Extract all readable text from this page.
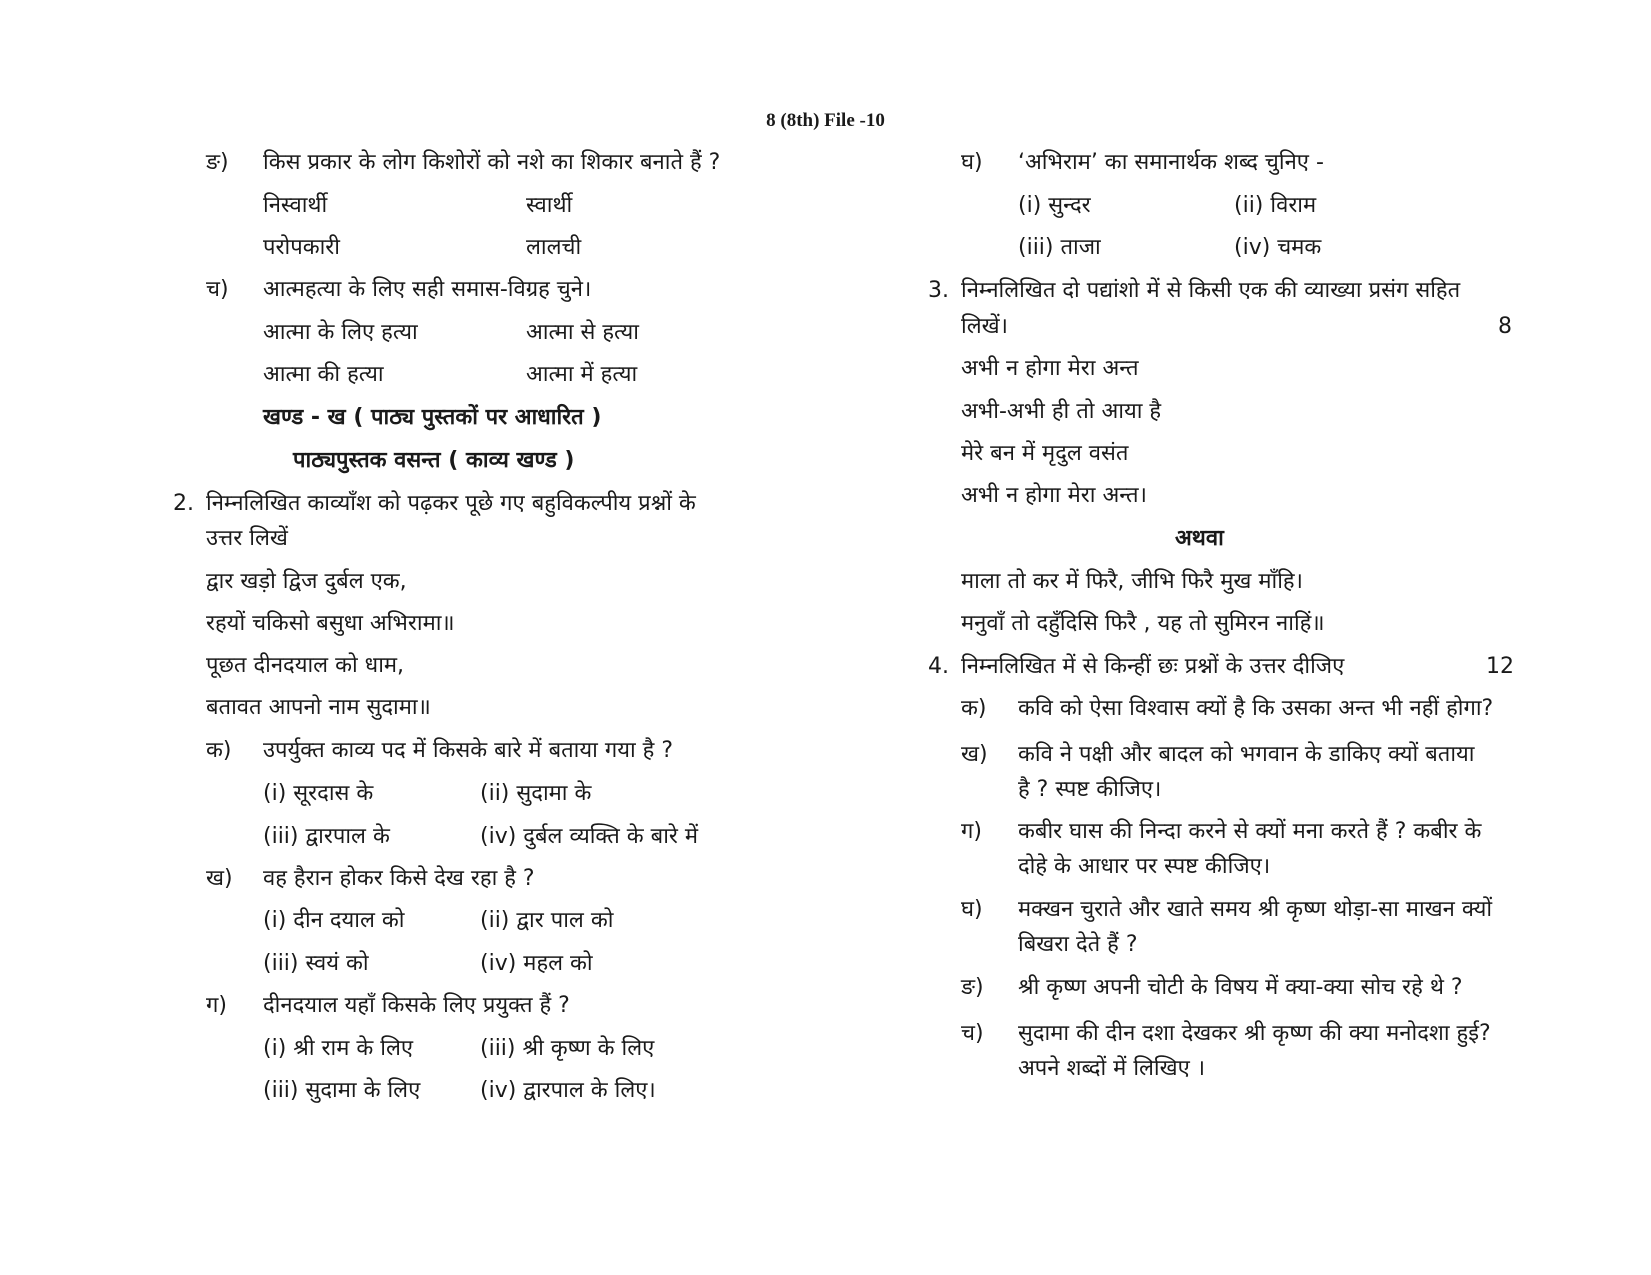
8 (8th) File -10
ङ) किस प्रकार के लोग किशोरों को नशे का शिकार बनाते हैं ?
निस्वार्थी	स्वार्थी
परोपकारी	लालची
च) आत्महत्या के लिए सही समास-विग्रह चुने।
आत्मा के लिए हत्या	आत्मा से हत्या
आत्मा की हत्या	आत्मा में हत्या
खण्ड - ख ( पाठ्य पुस्तकों पर आधारित )
पाठ्यपुस्तक वसन्त ( काव्य खण्ड )
2. निम्नलिखित काव्याँश को पढ़कर पूछे गए बहुविकल्पीय प्रश्नों के
उत्तर लिखें
द्वार खड़ो द्विज दुर्बल एक,
रहयों चकिसो बसुधा अभिरामा॥
पूछत दीनदयाल को धाम,
बतावत आपनो नाम सुदामा॥
क) उपर्युक्त काव्य पद में किसके बारे में बताया गया है ?
(i) सूरदास के	(ii) सुदामा के
(iii) द्वारपाल के	(iv) दुर्बल व्यक्ति के बारे में
ख) वह हैरान होकर किसे देख रहा है ?
(i) दीन दयाल को	(ii) द्वार पाल को
(iii) स्वयं को	(iv) महल को
ग) दीनदयाल यहाँ किसके लिए प्रयुक्त हैं ?
(i) श्री राम के लिए	(iii) श्री कृष्ण के लिए
(iii) सुदामा के लिए	(iv) द्वारपाल के लिए।
घ) ‘अभिराम’ का समानार्थक शब्द चुनिए -
(i) सुन्दर	(ii) विराम
(iii) ताजा	(iv) चमक
3. निम्नलिखित दो पद्यांशो में से किसी एक की व्याख्या प्रसंग सहित
लिखें।	8
अभी न होगा मेरा अन्त
अभी-अभी ही तो आया है
मेरे बन में मृदुल वसंत
अभी न होगा मेरा अन्त।
अथवा
माला तो कर में फिरै, जीभि फिरै मुख माँहि।
मनुवाँ तो दहुँदिसि फिरै , यह तो सुमिरन नाहिं॥
4. निम्नलिखित में से किन्हीं छः प्रश्नों के उत्तर दीजिए	12
क) कवि को ऐसा विश्वास क्यों है कि उसका अन्त भी नहीं होगा?
ख) कवि ने पक्षी और बादल को भगवान के डाकिए क्यों बताया
है ? स्पष्ट कीजिए।
ग) कबीर घास की निन्दा करने से क्यों मना करते हैं ? कबीर के
दोहे के आधार पर स्पष्ट कीजिए।
घ) मक्खन चुराते और खाते समय श्री कृष्ण थोड़ा-सा माखन क्यों
बिखरा देते हैं ?
ङ) श्री कृष्ण अपनी चोटी के विषय में क्या-क्या सोच रहे थे ?
च) सुदामा की दीन दशा देखकर श्री कृष्ण की क्या मनोदशा हुई?
अपने शब्दों में लिखिए ।
